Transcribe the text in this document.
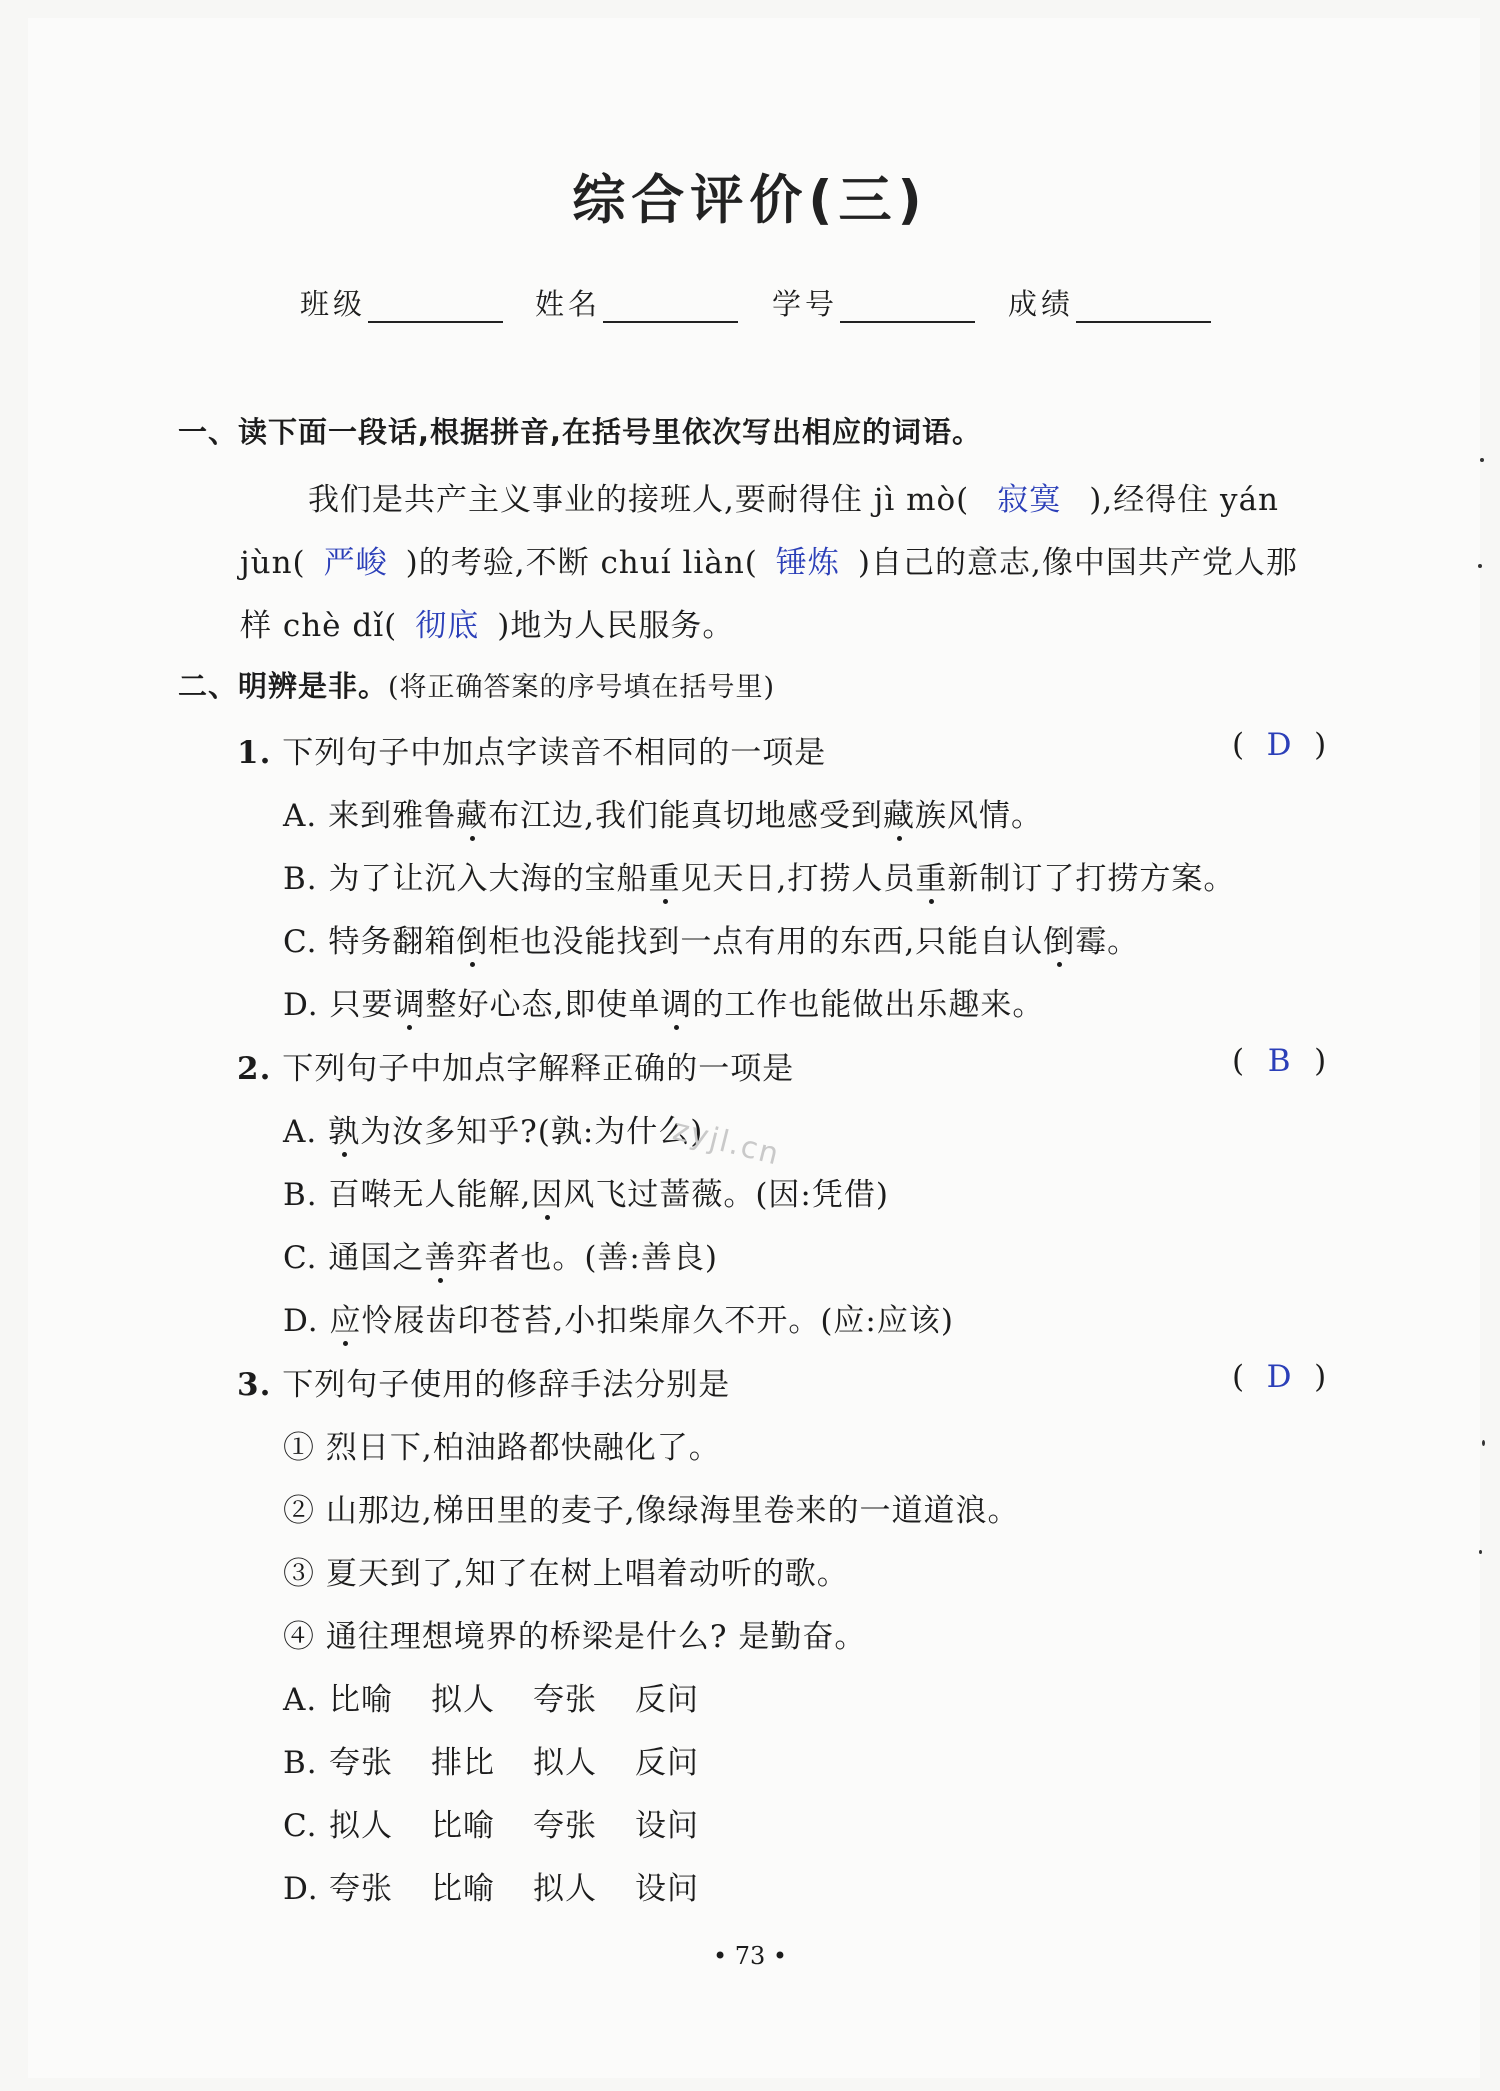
综合评价(三)
班级	姓名	学号	成绩
一、读下面一段话,根据拼音,在括号里依次写出相应的词语。
我们是共产主义事业的接班人,要耐得住 jì mò( 寂寞 ),经得住 yán
jùn( 严峻 )的考验,不断 chuí liàn( 锤炼 )自己的意志,像中国共产党人那
样 chè dǐ( 彻底 )地为人民服务。
二、明辨是非。(将正确答案的序号填在括号里)
1. 下列句子中加点字读音不相同的一项是	( D )
A. 来到雅鲁藏布江边,我们能真切地感受到藏族风情。
B. 为了让沉入大海的宝船重见天日,打捞人员重新制订了打捞方案。
C. 特务翻箱倒柜也没能找到一点有用的东西,只能自认倒霉。
D. 只要调整好心态,即使单调的工作也能做出乐趣来。
2. 下列句子中加点字解释正确的一项是	( B )
A. 孰为汝多知乎?(孰:为什么)
B. 百啭无人能解,因风飞过蔷薇。(因:凭借)
C. 通国之善弈者也。(善:善良)
D. 应怜屐齿印苍苔,小扣柴扉久不开。(应:应该)
3. 下列句子使用的修辞手法分别是	( D )
① 烈日下,柏油路都快融化了。
② 山那边,梯田里的麦子,像绿海里卷来的一道道浪。
③ 夏天到了,知了在树上唱着动听的歌。
④ 通往理想境界的桥梁是什么? 是勤奋。
A. 比喻 拟人 夸张 反问
B. 夸张 排比 拟人 反问
C. 拟人 比喻 夸张 设问
D. 夸张 比喻 拟人 设问
zyjl.cn
• 73 •
